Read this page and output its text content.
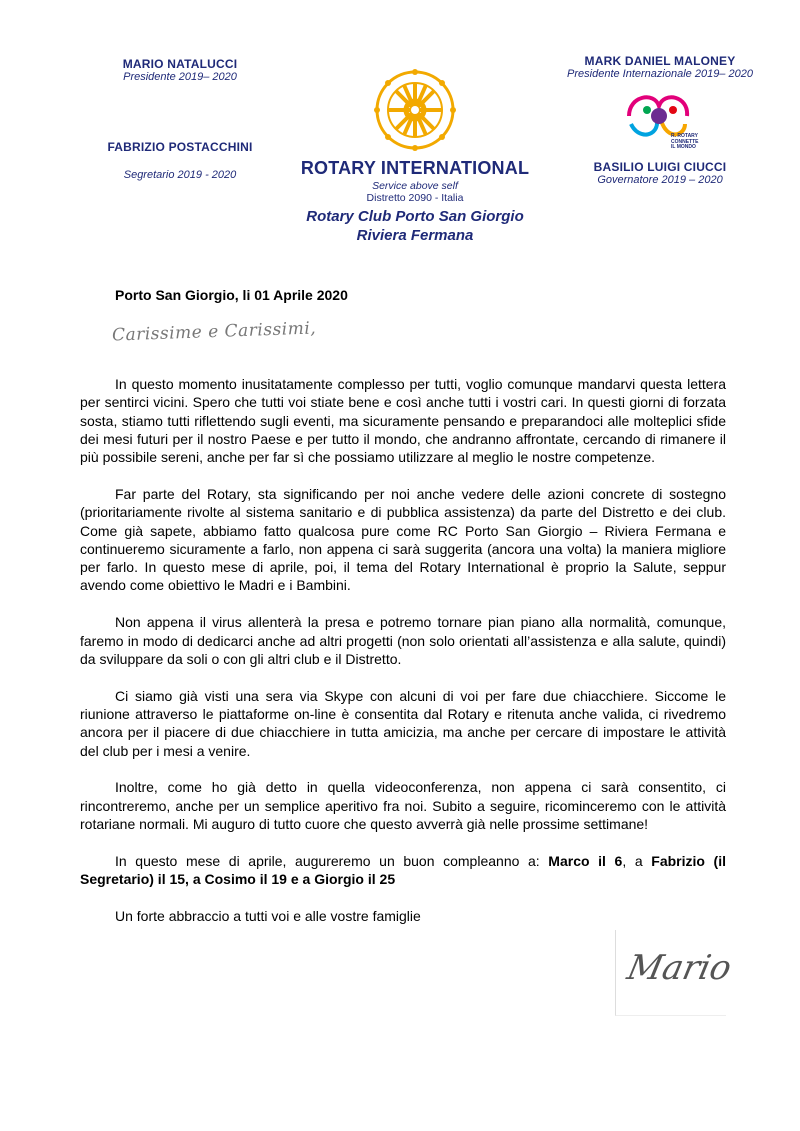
MARIO NATALUCCI
Presidente 2019– 2020
FABRIZIO POSTACCHINI
Segretario 2019 - 2020	ROTARY INTERNATIONAL
Service above self
Distretto 2090 - Italia
MARK DANIEL MALONEY
Presidente Internazionale 2019– 2020
R. ROTARY
CONNETTE
IL MONDO
BASILIO LUIGI CIUCCI
Governatore 2019 – 2020
Rotary Club Porto San Giorgio
Riviera Fermana
Porto San Giorgio, li 01 Aprile 2020
Carissime e Carissimi,

In questo momento inusitatamente complesso per tutti, voglio comunque mandarvi questa lettera per sentirci vicini. Spero che tutti voi stiate bene e così anche tutti i vostri cari. In questi giorni di forzata sosta, stiamo tutti riflettendo sugli eventi, ma sicuramente pensando e preparandoci alle molteplici sfide dei mesi futuri per il nostro Paese e per tutto il mondo, che andranno affrontate, cercando di rimanere il più possibile sereni, anche per far sì che possiamo utilizzare al meglio le nostre competenze.

Far parte del Rotary, sta significando per noi anche vedere delle azioni concrete di sostegno (prioritariamente rivolte al sistema sanitario e di pubblica assistenza) da parte del Distretto e dei club. Come già sapete, abbiamo fatto qualcosa pure come RC Porto San Giorgio – Riviera Fermana e continueremo sicuramente a farlo, non appena ci sarà suggerita (ancora una volta) la maniera migliore per farlo. In questo mese di aprile, poi, il tema del Rotary International è proprio la Salute, seppur avendo come obiettivo le Madri e i Bambini.

Non appena il virus allenterà la presa e potremo tornare pian piano alla normalità, comunque, faremo in modo di dedicarci anche ad altri progetti (non solo orientati all’assistenza e alla salute, quindi) da sviluppare da soli o con gli altri club e il Distretto.

Ci siamo già visti una sera via Skype con alcuni di voi per fare due chiacchiere. Siccome le riunione attraverso le piattaforme on-line è consentita dal Rotary e ritenuta anche valida, ci rivedremo ancora per il piacere di due chiacchiere in tutta amicizia, ma anche per cercare di impostare le attività del club per i mesi a venire.

Inoltre, come ho già detto in quella videoconferenza, non appena ci sarà consentito, ci rincontreremo, anche per un semplice aperitivo fra noi. Subito a seguire, ricominceremo con le attività rotariane normali. Mi auguro di tutto cuore che questo avverrà già nelle prossime settimane!

In questo mese di aprile, augureremo un buon compleanno a: Marco il 6, a Fabrizio (il Segretario) il 15, a Cosimo il 19 e a Giorgio il 25

Un forte abbraccio a tutti voi e alle vostre famiglie

Mario
